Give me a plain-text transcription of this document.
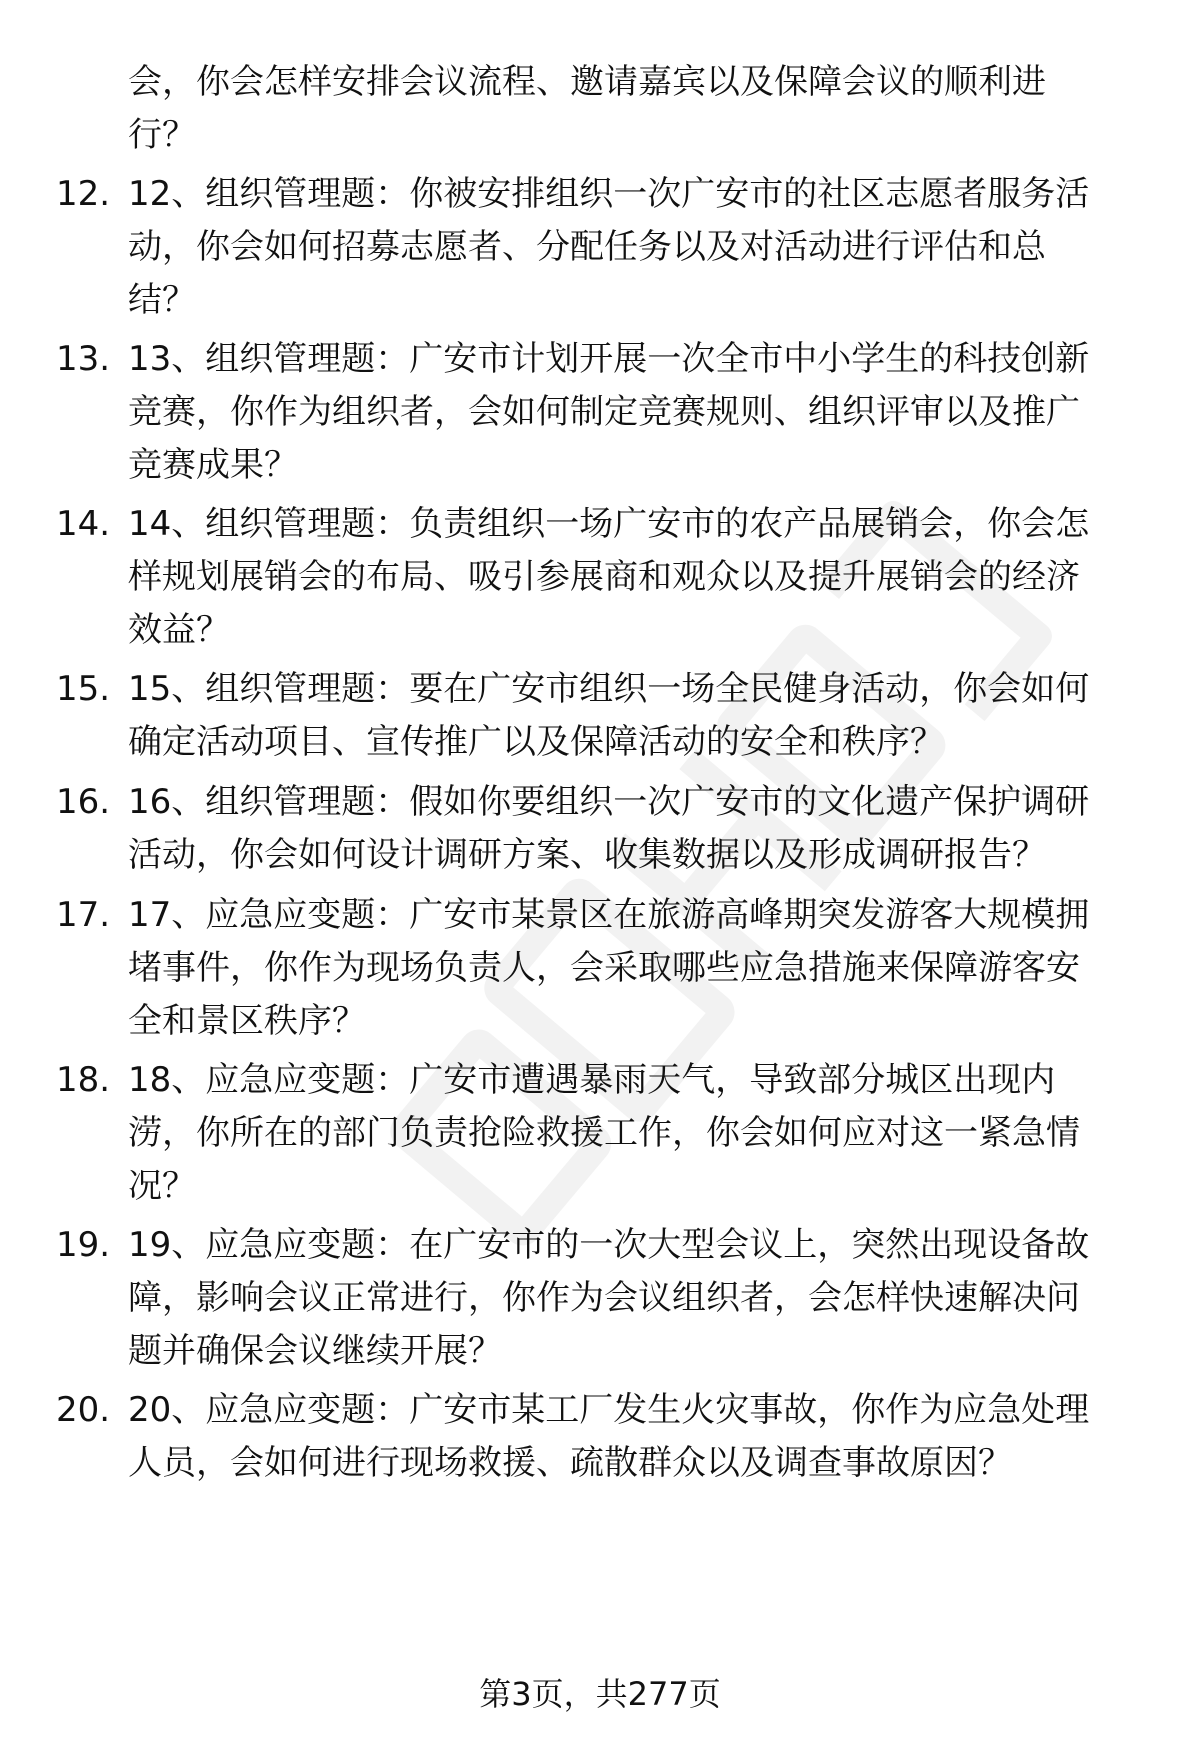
会，你会怎样安排会议流程、邀请嘉宾以及保障会议的顺利进
行？
12. 12、组织管理题：你被安排组织一次广安市的社区志愿者服务活
动，你会如何招募志愿者、分配任务以及对活动进行评估和总
结？
13. 13、组织管理题：广安市计划开展一次全市中小学生的科技创新
竞赛，你作为组织者，会如何制定竞赛规则、组织评审以及推广
竞赛成果？
14. 14、组织管理题：负责组织一场广安市的农产品展销会，你会怎
样规划展销会的布局、吸引参展商和观众以及提升展销会的经济
效益？
15. 15、组织管理题：要在广安市组织一场全民健身活动，你会如何
确定活动项目、宣传推广以及保障活动的安全和秩序？
16. 16、组织管理题：假如你要组织一次广安市的文化遗产保护调研
活动，你会如何设计调研方案、收集数据以及形成调研报告？
17. 17、应急应变题：广安市某景区在旅游高峰期突发游客大规模拥
堵事件，你作为现场负责人，会采取哪些应急措施来保障游客安
全和景区秩序？
18. 18、应急应变题：广安市遭遇暴雨天气，导致部分城区出现内
涝，你所在的部门负责抢险救援工作，你会如何应对这一紧急情
况？
19. 19、应急应变题：在广安市的一次大型会议上，突然出现设备故
障，影响会议正常进行，你作为会议组织者，会怎样快速解决问
题并确保会议继续开展？
20. 20、应急应变题：广安市某工厂发生火灾事故，你作为应急处理
人员，会如何进行现场救援、疏散群众以及调查事故原因？
第3页，共277页
